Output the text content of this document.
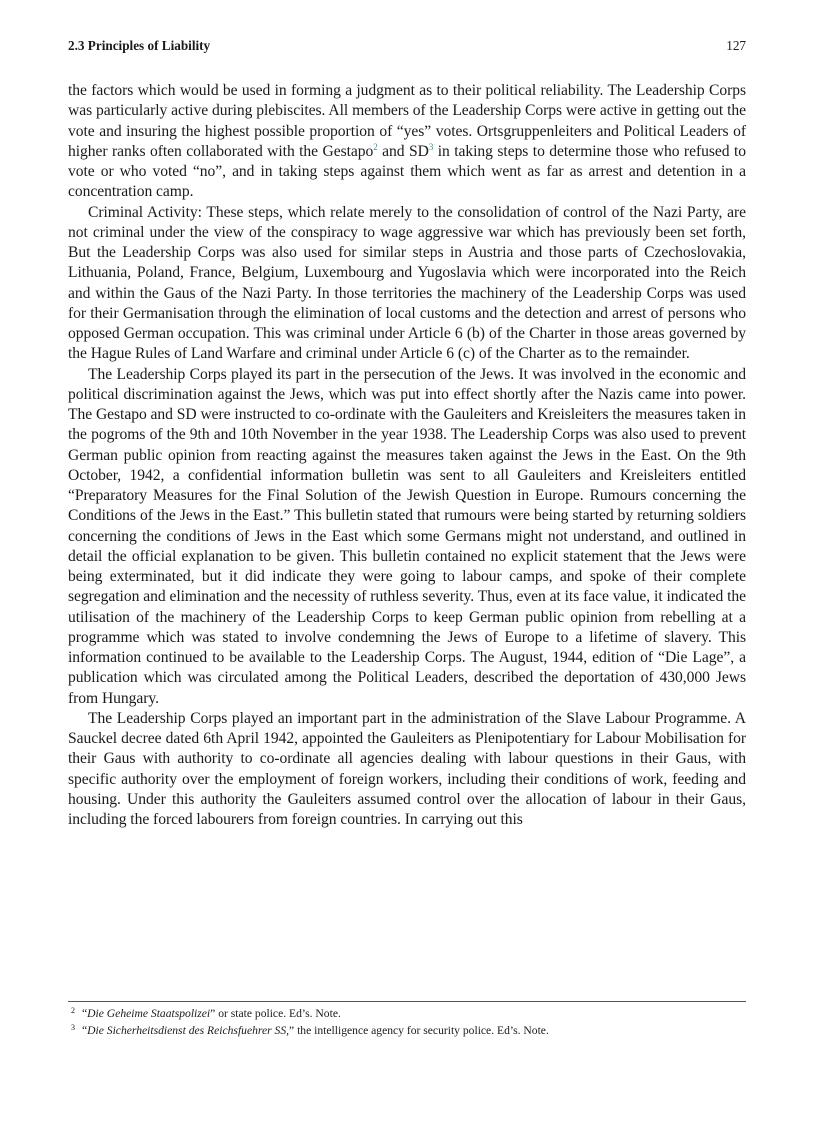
2.3 Principles of Liability	127

the factors which would be used in forming a judgment as to their political reliability. The Leadership Corps was particularly active during plebiscites. All members of the Leadership Corps were active in getting out the vote and insuring the highest possible proportion of “yes” votes. Ortsgruppenleiters and Political Leaders of higher ranks often collaborated with the Gestapo$^2$ and SD$^3$ in taking steps to determine those who refused to vote or who voted “no”, and in taking steps against them which went as far as arrest and detention in a concentration camp.

Criminal Activity: These steps, which relate merely to the consolidation of control of the Nazi Party, are not criminal under the view of the conspiracy to wage aggressive war which has previously been set forth, But the Leadership Corps was also used for similar steps in Austria and those parts of Czechoslovakia, Lithuania, Poland, France, Belgium, Luxembourg and Yugoslavia which were incorporated into the Reich and within the Gaus of the Nazi Party. In those territories the machinery of the Leadership Corps was used for their Germanisation through the elimination of local customs and the detection and arrest of persons who opposed German occupation. This was criminal under Article 6 (b) of the Charter in those areas governed by the Hague Rules of Land Warfare and criminal under Article 6 (c) of the Charter as to the remainder.

The Leadership Corps played its part in the persecution of the Jews. It was involved in the economic and political discrimination against the Jews, which was put into effect shortly after the Nazis came into power. The Gestapo and SD were instructed to co-ordinate with the Gauleiters and Kreisleiters the measures taken in the pogroms of the 9th and 10th November in the year 1938. The Leadership Corps was also used to prevent German public opinion from reacting against the measures taken against the Jews in the East. On the 9th October, 1942, a confidential information bulletin was sent to all Gauleiters and Kreisleiters entitled “Preparatory Measures for the Final Solution of the Jewish Question in Europe. Rumours concerning the Conditions of the Jews in the East.” This bulletin stated that rumours were being started by returning soldiers concerning the conditions of Jews in the East which some Germans might not understand, and outlined in detail the official explanation to be given. This bulletin contained no explicit statement that the Jews were being exterminated, but it did indicate they were going to labour camps, and spoke of their complete segregation and elimination and the necessity of ruthless severity. Thus, even at its face value, it indicated the utilisation of the machinery of the Leadership Corps to keep German public opinion from rebelling at a programme which was stated to involve condemning the Jews of Europe to a lifetime of slavery. This information continued to be available to the Leadership Corps. The August, 1944, edition of “Die Lage”, a publication which was circulated among the Political Leaders, described the deportation of 430,000 Jews from Hungary.

The Leadership Corps played an important part in the administration of the Slave Labour Programme. A Sauckel decree dated 6th April 1942, appointed the Gauleiters as Plenipotentiary for Labour Mobilisation for their Gaus with authority to co-ordinate all agencies dealing with labour questions in their Gaus, with specific authority over the employment of foreign workers, including their conditions of work, feeding and housing. Under this authority the Gauleiters assumed control over the allocation of labour in their Gaus, including the forced labourers from foreign countries. In carrying out this

2 “Die Geheime Staatspolizei” or state police. Ed’s. Note.
3 “Die Sicherheitsdienst des Reichsfuehrer SS,” the intelligence agency for security police. Ed’s. Note.
